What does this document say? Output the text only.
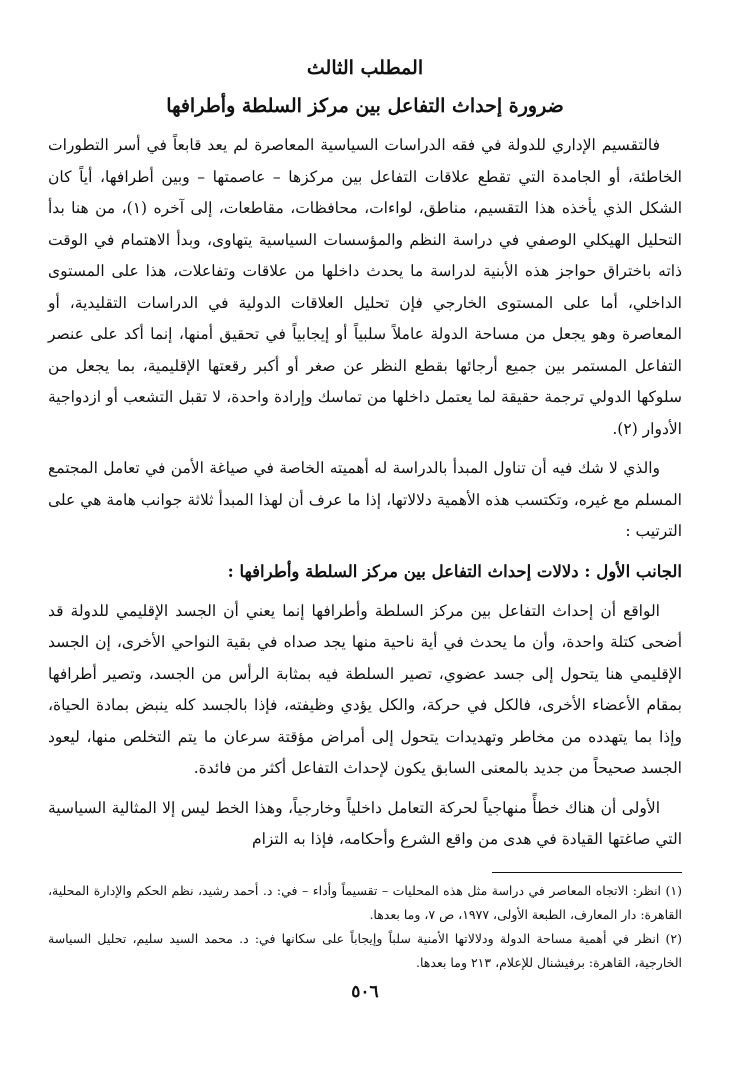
المطلب الثالث
ضرورة إحداث التفاعل بين مركز السلطة وأطرافها

فالتقسيم الإداري للدولة في فقه الدراسات السياسية المعاصرة لم يعد قابعاً في أسر التطورات الخاطئة، أو الجامدة التي تقطع علاقات التفاعل بين مركزها – عاصمتها – وبين أطرافها، أياً كان الشكل الذي يأخذه هذا التقسيم، مناطق، لواءات، محافظات، مقاطعات، إلى آخره (١)، من هنا بدأ التحليل الهيكلي الوصفي في دراسة النظم والمؤسسات السياسية يتهاوى، وبدأ الاهتمام في الوقت ذاته باختراق حواجز هذه الأبنية لدراسة ما يحدث داخلها من علاقات وتفاعلات، هذا على المستوى الداخلي، أما على المستوى الخارجي فإن تحليل العلاقات الدولية في الدراسات التقليدية، أو المعاصرة وهو يجعل من مساحة الدولة عاملاً سلبياً أو إيجابياً في تحقيق أمنها، إنما أكد على عنصر التفاعل المستمر بين جميع أرجائها بقطع النظر عن صغر أو أكبر رقعتها الإقليمية، بما يجعل من سلوكها الدولي ترجمة حقيقة لما يعتمل داخلها من تماسك وإرادة واحدة، لا تقبل التشعب أو ازدواجية الأدوار (٢).

والذي لا شك فيه أن تناول المبدأ بالدراسة له أهميته الخاصة في صياغة الأمن في تعامل المجتمع المسلم مع غيره، وتكتسب هذه الأهمية دلالاتها، إذا ما عرف أن لهذا المبدأ ثلاثة جوانب هامة هي على الترتيب :

الجانب الأول : دلالات إحداث التفاعل بين مركز السلطة وأطرافها :

الواقع أن إحداث التفاعل بين مركز السلطة وأطرافها إنما يعني أن الجسد الإقليمي للدولة قد أضحى كتلة واحدة، وأن ما يحدث في أية ناحية منها يجد صداه في بقية النواحي الأخرى، إن الجسد الإقليمي هنا يتحول إلى جسد عضوي، تصير السلطة فيه بمثابة الرأس من الجسد، وتصير أطرافها بمقام الأعضاء الأخرى، فالكل في حركة، والكل يؤدي وظيفته، فإذا بالجسد كله ينبض بمادة الحياة، وإذا بما يتهدده من مخاطر وتهديدات يتحول إلى أمراض مؤقتة سرعان ما يتم التخلص منها، ليعود الجسد صحيحاً من جديد بالمعنى السابق يكون لإحداث التفاعل أكثر من فائدة.

الأولى أن هناك خطأً منهاجياً لحركة التعامل داخلياً وخارجياً، وهذا الخط ليس إلا المثالية السياسية التي صاغتها القيادة في هدى من واقع الشرع وأحكامه، فإذا به التزام

(١) انظر: الاتجاه المعاصر في دراسة مثل هذه المحليات – تقسيماً وأداء – في: د. أحمد رشيد، نظم الحكم والإدارة المحلية، القاهرة: دار المعارف، الطبعة الأولى، ١٩٧٧، ص ٧، وما بعدها.

(٢) انظر في أهمية مساحة الدولة ودلالاتها الأمنية سلباً وإيجاباً على سكانها في: د. محمد السيد سليم، تحليل السياسة الخارجية، القاهرة: برفيشنال للإعلام، ٢١٣ وما بعدها.

٥٠٦
